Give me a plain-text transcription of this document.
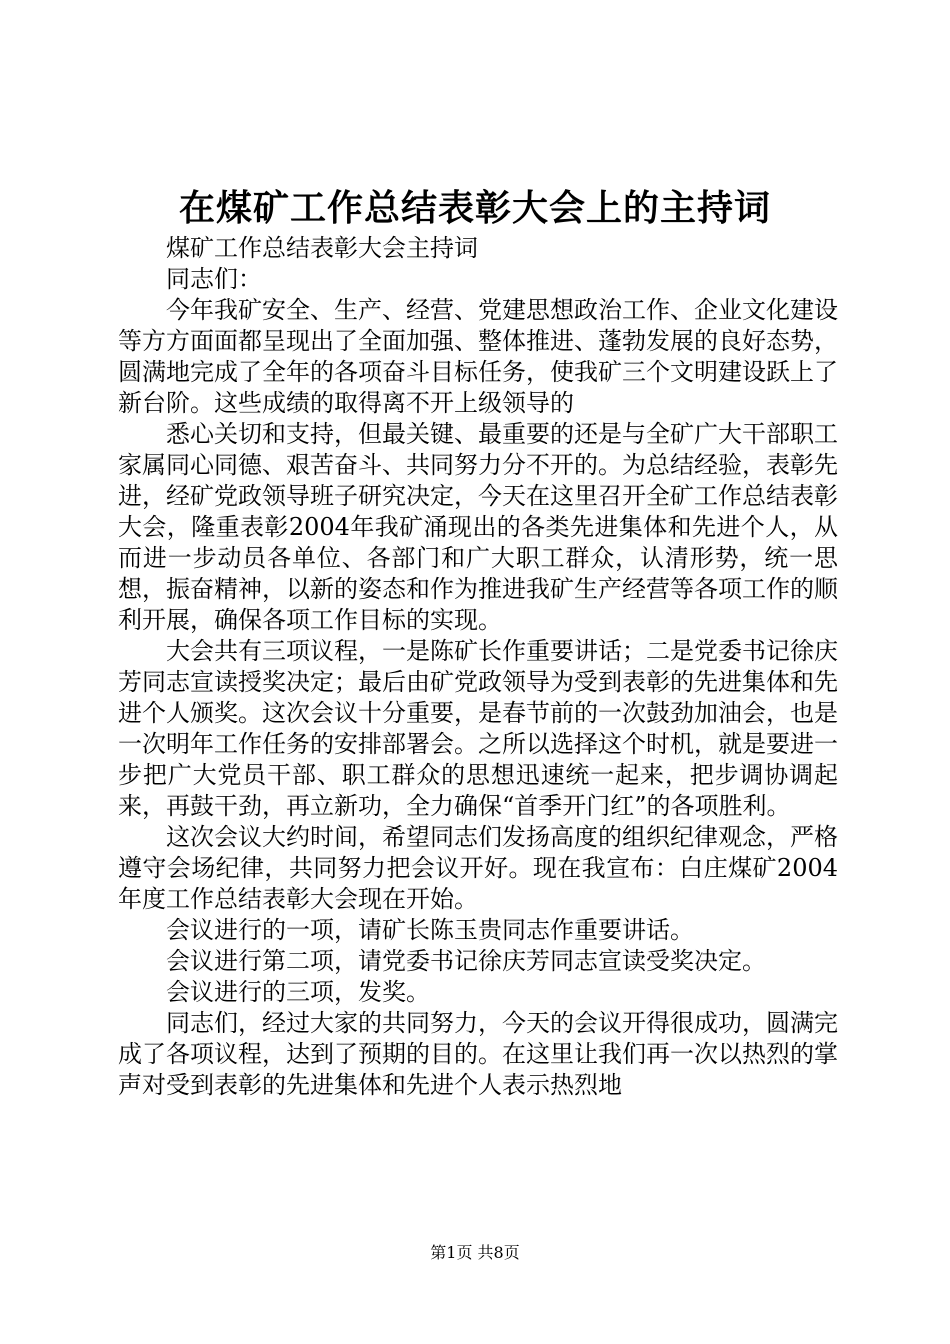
在煤矿工作总结表彰大会上的主持词

煤矿工作总结表彰大会主持词

同志们：

今年我矿安全、生产、经营、党建思想政治工作、企业文化建设等方方面面都呈现出了全面加强、整体推进、蓬勃发展的良好态势，圆满地完成了全年的各项奋斗目标任务，使我矿三个文明建设跃上了新台阶。这些成绩的取得离不开上级领导的

悉心关切和支持，但最关键、最重要的还是与全矿广大干部职工家属同心同德、艰苦奋斗、共同努力分不开的。为总结经验，表彰先进，经矿党政领导班子研究决定，今天在这里召开全矿工作总结表彰大会，隆重表彰2004年我矿涌现出的各类先进集体和先进个人，从而进一步动员各单位、各部门和广大职工群众，认清形势，统一思想，振奋精神，以新的姿态和作为推进我矿生产经营等各项工作的顺利开展，确保各项工作目标的实现。

大会共有三项议程，一是陈矿长作重要讲话；二是党委书记徐庆芳同志宣读授奖决定；最后由矿党政领导为受到表彰的先进集体和先进个人颁奖。这次会议十分重要，是春节前的一次鼓劲加油会，也是一次明年工作任务的安排部署会。之所以选择这个时机，就是要进一步把广大党员干部、职工群众的思想迅速统一起来，把步调协调起来，再鼓干劲，再立新功，全力确保“首季开门红”的各项胜利。

这次会议大约时间，希望同志们发扬高度的组织纪律观念，严格遵守会场纪律，共同努力把会议开好。现在我宣布：白庄煤矿2004年度工作总结表彰大会现在开始。

会议进行的一项，请矿长陈玉贵同志作重要讲话。

会议进行第二项，请党委书记徐庆芳同志宣读受奖决定。

会议进行的三项，发奖。

同志们，经过大家的共同努力，今天的会议开得很成功，圆满完成了各项议程，达到了预期的目的。在这里让我们再一次以热烈的掌声对受到表彰的先进集体和先进个人表示热烈地

第1页 共8页
